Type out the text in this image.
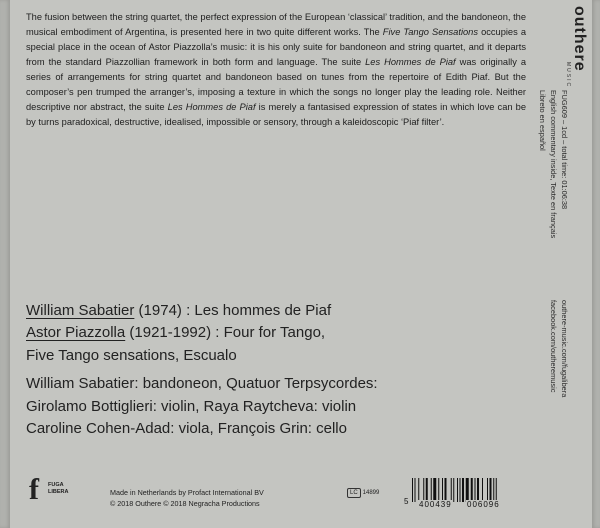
The fusion between the string quartet, the perfect expression of the European ‘classical’ tradition, and the bandoneon, the musical embodiment of Argentina, is presented here in two quite different works. The Five Tango Sensations occupies a special place in the ocean of Astor Piazzolla’s music: it is his only suite for bandoneon and string quartet, and it departs from the standard Piazzollian framework in both form and language. The suite Les Hommes de Piaf was originally a series of arrangements for string quartet and bandoneon based on tunes from the repertoire of Edith Piaf. But the composer’s pen trumped the arranger’s, imposing a texture in which the songs no longer play the leading role. Neither descriptive nor abstract, the suite Les Hommes de Piaf is merely a fantasised expression of states in which love can be by turns paradoxical, destructive, idealised, impossible or sensory, through a kaleidoscopic ‘Piaf filter’.

William Sabatier (1974) : Les hommes de Piaf
Astor Piazzolla (1921-1992) : Four for Tango,
Five Tango sensations, Escualo
William Sabatier: bandoneon, Quatuor Terpsycordes:
Girolamo Bottiglieri: violin, Raya Raytcheva: violin
Caroline Cohen-Adad: viola, François Grin: cello
outhere
MUSIC
FUG609 – 1cd – total time: 01:06:38
English commentary inside, Texte en français
Libreto en español
outhere-music.com/fugalibera
facebook.com/outheremusic
f FUGA
LIBERA	Made in Netherlands by Profact International BV
© 2018 Outhere © 2018 Negracha Productions
LC 14899
5 400439 006096
